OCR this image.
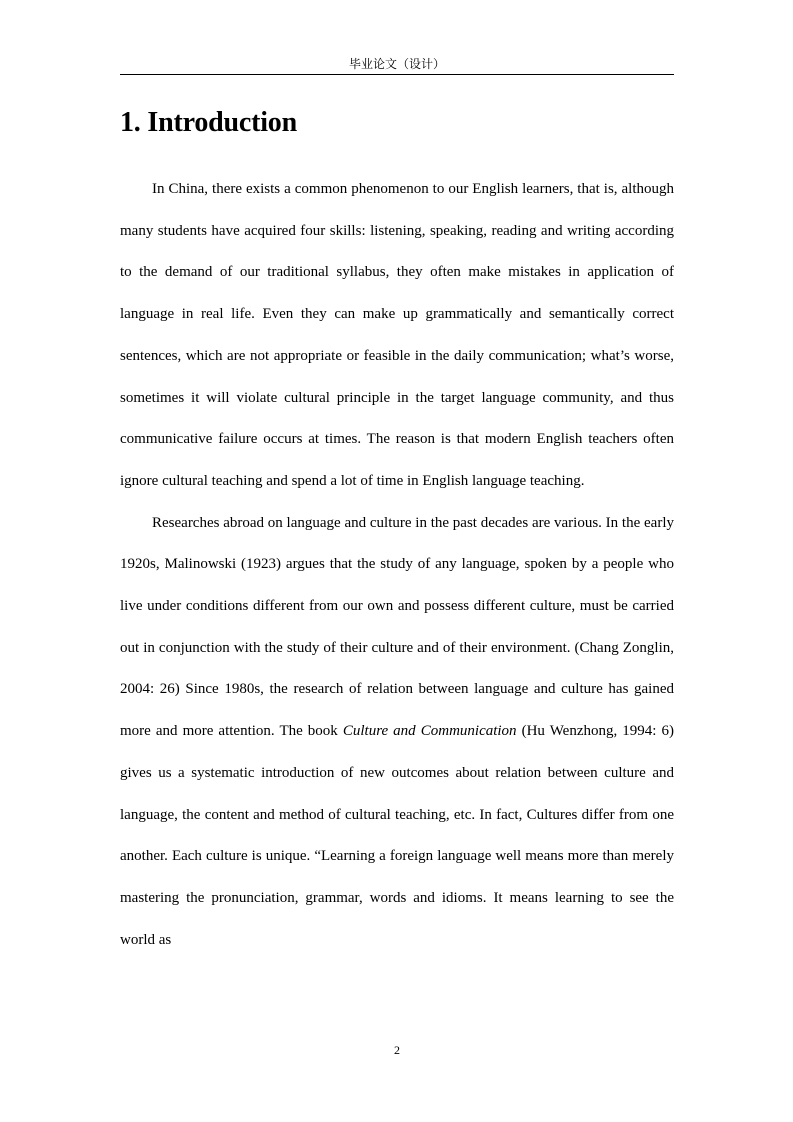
毕业论文（设计）
1. Introduction

In China, there exists a common phenomenon to our English learners, that is, although many students have acquired four skills: listening, speaking, reading and writing according to the demand of our traditional syllabus, they often make mistakes in application of language in real life. Even they can make up grammatically and semantically correct sentences, which are not appropriate or feasible in the daily communication; what’s worse, sometimes it will violate cultural principle in the target language community, and thus communicative failure occurs at times. The reason is that modern English teachers often ignore cultural teaching and spend a lot of time in English language teaching.

Researches abroad on language and culture in the past decades are various. In the early 1920s, Malinowski (1923) argues that the study of any language, spoken by a people who live under conditions different from our own and possess different culture, must be carried out in conjunction with the study of their culture and of their environment. (Chang Zonglin, 2004: 26) Since 1980s, the research of relation between language and culture has gained more and more attention. The book Culture and Communication (Hu Wenzhong, 1994: 6) gives us a systematic introduction of new outcomes about relation between culture and language, the content and method of cultural teaching, etc. In fact, Cultures differ from one another. Each culture is unique. “Learning a foreign language well means more than merely mastering the pronunciation, grammar, words and idioms. It means learning to see the world as

2
